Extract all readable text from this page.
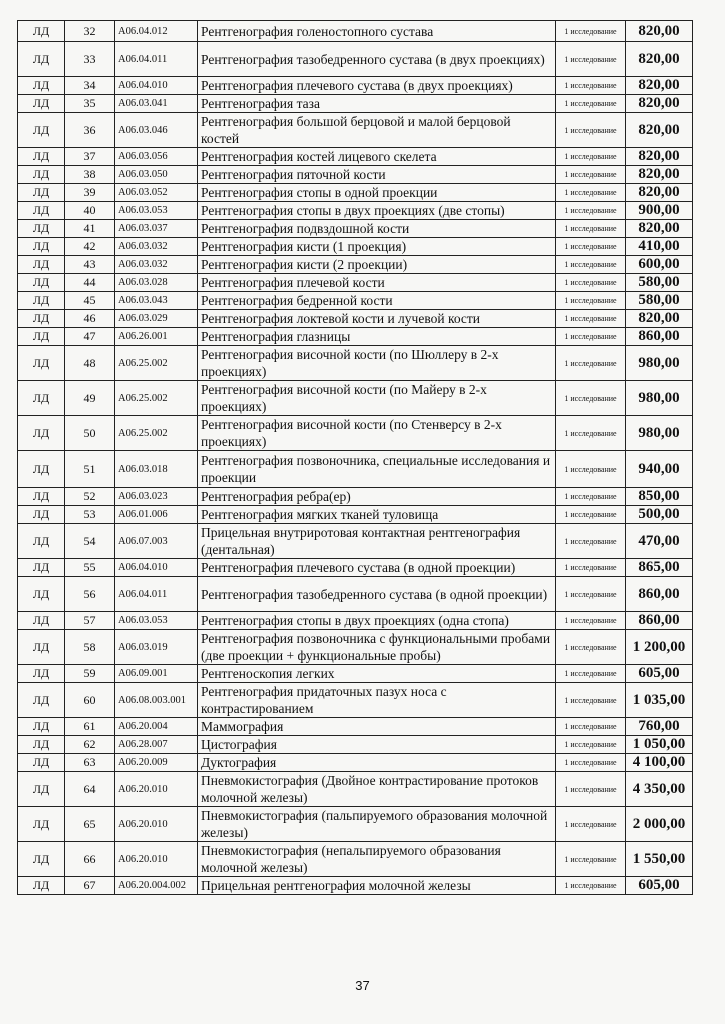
ЛД	32	A06.04.012	Рентгенография голеностопного сустава	1 исследование	820,00
ЛД	33	A06.04.011	Рентгенография тазобедренного сустава (в двух проекциях)	1 исследование	820,00
ЛД	34	A06.04.010	Рентгенография плечевого сустава (в двух проекциях)	1 исследование	820,00
ЛД	35	A06.03.041	Рентгенография таза	1 исследование	820,00
ЛД	36	A06.03.046	Рентгенография большой берцовой и малой берцовой костей	1 исследование	820,00
ЛД	37	A06.03.056	Рентгенография костей лицевого скелета	1 исследование	820,00
ЛД	38	A06.03.050	Рентгенография пяточной кости	1 исследование	820,00
ЛД	39	A06.03.052	Рентгенография стопы в одной проекции	1 исследование	820,00
ЛД	40	A06.03.053	Рентгенография стопы в двух проекциях (две стопы)	1 исследование	900,00
ЛД	41	A06.03.037	Рентгенография подвздошной кости	1 исследование	820,00
ЛД	42	A06.03.032	Рентгенография кисти (1 проекция)	1 исследование	410,00
ЛД	43	A06.03.032	Рентгенография кисти (2 проекции)	1 исследование	600,00
ЛД	44	A06.03.028	Рентгенография плечевой кости	1 исследование	580,00
ЛД	45	A06.03.043	Рентгенография бедренной кости	1 исследование	580,00
ЛД	46	A06.03.029	Рентгенография локтевой кости и лучевой кости	1 исследование	820,00
ЛД	47	A06.26.001	Рентгенография глазницы	1 исследование	860,00
ЛД	48	A06.25.002	Рентгенография височной кости (по Шюллеру в 2-х проекциях)	1 исследование	980,00
ЛД	49	A06.25.002	Рентгенография височной кости (по Майеру в 2-х проекциях)	1 исследование	980,00
ЛД	50	A06.25.002	Рентгенография височной кости (по Стенверсу в 2-х проекциях)	1 исследование	980,00
ЛД	51	A06.03.018	Рентгенография позвоночника, специальные исследования и проекции	1 исследование	940,00
ЛД	52	A06.03.023	Рентгенография ребра(ер)	1 исследование	850,00
ЛД	53	A06.01.006	Рентгенография мягких тканей туловища	1 исследование	500,00
ЛД	54	A06.07.003	Прицельная внутриротовая контактная рентгенография (дентальная)	1 исследование	470,00
ЛД	55	A06.04.010	Рентгенография плечевого сустава (в одной проекции)	1 исследование	865,00
ЛД	56	A06.04.011	Рентгенография тазобедренного сустава (в одной проекции)	1 исследование	860,00
ЛД	57	A06.03.053	Рентгенография стопы в двух проекциях (одна стопа)	1 исследование	860,00
ЛД	58	A06.03.019	Рентгенография позвоночника с функциональными пробами (две проекции + функциональные пробы)	1 исследование	1 200,00
ЛД	59	A06.09.001	Рентгеноскопия легких	1 исследование	605,00
ЛД	60	A06.08.003.001	Рентгенография придаточных пазух носа с контрастированием	1 исследование	1 035,00
ЛД	61	A06.20.004	Маммография	1 исследование	760,00
ЛД	62	A06.28.007	Цистография	1 исследование	1 050,00
ЛД	63	A06.20.009	Дуктография	1 исследование	4 100,00
ЛД	64	A06.20.010	Пневмокистография (Двойное контрастирование протоков молочной железы)	1 исследование	4 350,00
ЛД	65	A06.20.010	Пневмокистография (пальпируемого образования молочной железы)	1 исследование	2 000,00
ЛД	66	A06.20.010	Пневмокистография (непальпируемого образования молочной железы)	1 исследование	1 550,00
ЛД	67	A06.20.004.002	Прицельная рентгенография молочной железы	1 исследование	605,00
37
